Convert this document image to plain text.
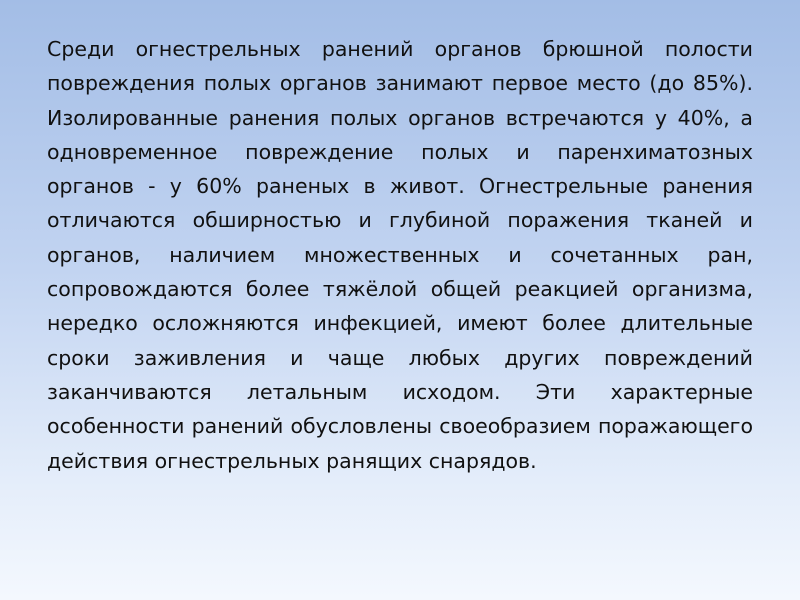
Среди огнестрельных ранений органов брюшной полости повреждения полых органов занимают первое место (до 85%). Изолированные ранения полых органов встречаются у 40%, а одновременное повреждение полых и паренхиматозных органов - у 60% раненых в живот. Огнестрельные ранения отличаются обширностью и глубиной поражения тканей и органов, наличием множественных и сочетанных ран, сопровождаются более тяжёлой общей реакцией организма, нередко осложняются инфекцией, имеют более длительные сроки заживления и чаще любых других повреждений заканчиваются летальным исходом. Эти характерные особенности ранений обусловлены своеобразием поражающего действия огнестрельных ранящих снарядов.
